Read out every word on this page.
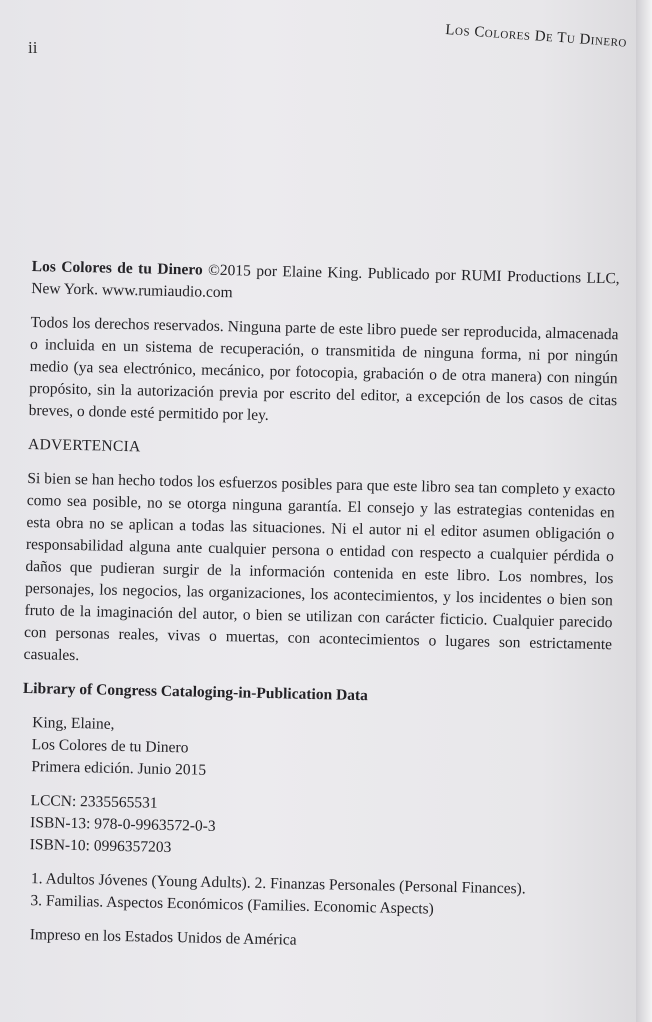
ii	Los Colores De Tu Dinero

Los Colores de tu Dinero ©2015 por Elaine King. Publicado por RUMI Productions LLC, New York. www.rumiaudio.com

Todos los derechos reservados. Ninguna parte de este libro puede ser reproducida, almacenada o incluida en un sistema de recuperación, o transmitida de ninguna forma, ni por ningún medio (ya sea electrónico, mecánico, por fotocopia, grabación o de otra manera) con ningún propósito, sin la autorización previa por escrito del editor, a excepción de los casos de citas breves, o donde esté permitido por ley.

ADVERTENCIA

Si bien se han hecho todos los esfuerzos posibles para que este libro sea tan completo y exacto como sea posible, no se otorga ninguna garantía. El consejo y las estrategias contenidas en esta obra no se aplican a todas las situaciones. Ni el autor ni el editor asumen obligación o responsabilidad alguna ante cualquier persona o entidad con respecto a cualquier pérdida o daños que pudieran surgir de la información contenida en este libro. Los nombres, los personajes, los negocios, las organizaciones, los acontecimientos, y los incidentes o bien son fruto de la imaginación del autor, o bien se utilizan con carácter ficticio. Cualquier parecido con personas reales, vivas o muertas, con acontecimientos o lugares son estrictamente casuales.

Library of Congress Cataloging-in-Publication Data
King, Elaine,
Los Colores de tu Dinero
Primera edición. Junio 2015
LCCN: 2335565531
ISBN-13: 978-0-9963572-0-3
ISBN-10: 0996357203
1. Adultos Jóvenes (Young Adults). 2. Finanzas Personales (Personal Finances).
3. Familias. Aspectos Económicos (Families. Economic Aspects)
Impreso en los Estados Unidos de América
